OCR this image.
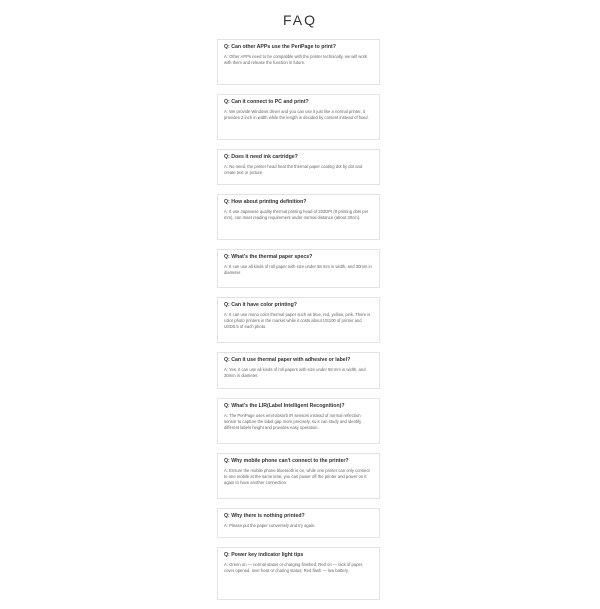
FAQ
Q: Can other APPs use the PeriPage to print?
A: Other APPs need to be compatible with the printer technically, we will work with them and release the function in future.
Q: Can it connect to PC and print?
A: We provide Windows driver and you can use it just like a normal printer, it provides 2 inch in width while the length is decided by content instead of fixed.
Q: Does it need ink cartridge?
A: No need, the printer head heat the thermal paper coating dot by dot and create text or picture.
Q: How about printing definition?
A: It use Japanese quality thermal printing head of 203DPI (8 printing dots per mm), can meet reading requirement under normal distance (about 30cm).
Q: What's the thermal paper specs?
A: It can use all kinds of roll paper with size under 58 mm in width, and 30mm in diameter.
Q: Can it have color printing?
A: It can use mono color thermal paper such as blue, red, yellow, pink. There is color photo printers in the market while it costs about US100 of printer and USD0.5 of each photo.
Q: Can it use thermal paper with adhesive or label?
A: Yes, it can use all kinds of roll papers with size under 58 mm in width, and 30mm in diameter.
Q: What's the LIR(Label Intelligent Recognition)?
A: The PeriPage uses emit-absorb IR sensors instead of normal reflection sensor to capture the label gap more precisely, so it can study and identify different labels height and provides easy operation.
Q: Why mobile phone can't connect to the printer?
A: Ensure the mobile phone bluetooth is on, while one printer can only connect to one mobile at the same time, you can power off the printer and power on it again to have another connection.
Q: Why there is nothing printed?
A: Please put the paper conversely and try again.
Q: Power key indicator light tips
A: Green on — normal status or charging finished; Red on — lack of paper, cover opened, over heat or charing status; Red flash — low battery.
